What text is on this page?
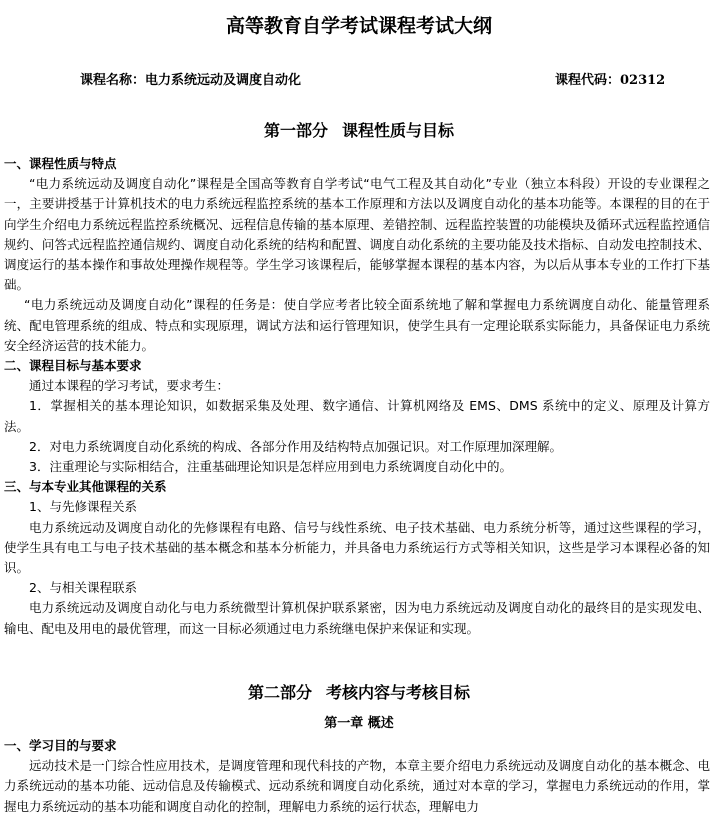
高等教育自学考试课程考试大纲
课程名称：电力系统远动及调度自动化	课程代码：02312
第一部分 课程性质与目标

一、课程性质与特点

“电力系统远动及调度自动化”课程是全国高等教育自学考试“电气工程及其自动化”专业（独立本科段）开设的专业课程之一，主要讲授基于计算机技术的电力系统远程监控系统的基本工作原理和方法以及调度自动化的基本功能等。本课程的目的在于向学生介绍电力系统远程监控系统概况、远程信息传输的基本原理、差错控制、远程监控装置的功能模块及循环式远程监控通信规约、问答式远程监控通信规约、调度自动化系统的结构和配置、调度自动化系统的主要功能及技术指标、自动发电控制技术、调度运行的基本操作和事故处理操作规程等。学生学习该课程后，能够掌握本课程的基本内容，为以后从事本专业的工作打下基础。

“电力系统远动及调度自动化”课程的任务是：使自学应考者比较全面系统地了解和掌握电力系统调度自动化、能量管理系统、配电管理系统的组成、特点和实现原理，调试方法和运行管理知识，使学生具有一定理论联系实际能力，具备保证电力系统安全经济运营的技术能力。

二、课程目标与基本要求

通过本课程的学习考试，要求考生：

1．掌握相关的基本理论知识，如数据采集及处理、数字通信、计算机网络及 EMS、DMS 系统中的定义、原理及计算方法。

2．对电力系统调度自动化系统的构成、各部分作用及结构特点加强记识。对工作原理加深理解。

3．注重理论与实际相结合，注重基础理论知识是怎样应用到电力系统调度自动化中的。

三、与本专业其他课程的关系

1、与先修课程关系

电力系统远动及调度自动化的先修课程有电路、信号与线性系统、电子技术基础、电力系统分析等，通过这些课程的学习，使学生具有电工与电子技术基础的基本概念和基本分析能力，并具备电力系统运行方式等相关知识，这些是学习本课程必备的知识。

2、与相关课程联系

电力系统远动及调度自动化与电力系统微型计算机保护联系紧密，因为电力系统远动及调度自动化的最终目的是实现发电、输电、配电及用电的最优管理，而这一目标必须通过电力系统继电保护来保证和实现。

第二部分 考核内容与考核目标
第一章 概述

一、学习目的与要求

远动技术是一门综合性应用技术，是调度管理和现代科技的产物，本章主要介绍电力系统远动及调度自动化的基本概念、电力系统远动的基本功能、远动信息及传输模式、远动系统和调度自动化系统，通过对本章的学习，掌握电力系统远动的作用，掌握电力系统远动的基本功能和调度自动化的控制，理解电力系统的运行状态，理解电力
